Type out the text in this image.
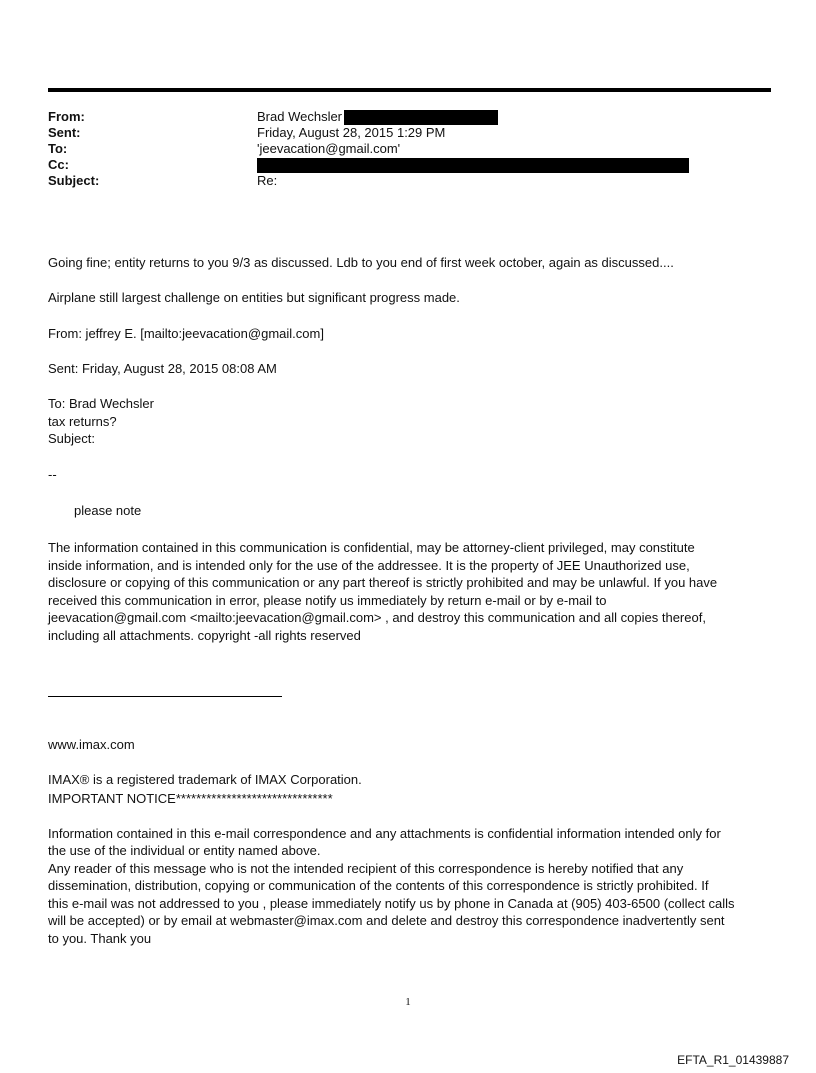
From:	Brad Wechsler
Sent:	Friday, August 28, 2015 1:29 PM
To:	'jeevacation@gmail.com'
Cc:
Subject:	Re:

Going fine; entity returns to you 9/3 as discussed. Ldb to you end of first week october, again as discussed....

Airplane still largest challenge on entities but significant progress made.

From: jeffrey E. [mailto:jeevacation@gmail.com]

Sent: Friday, August 28, 2015 08:08 AM

To: Brad Wechsler

Subject:

tax returns?
--
please note
The information contained in this communication is confidential, may be attorney-client privileged, may constitute
inside information, and is intended only for the use of the addressee. It is the property of JEE Unauthorized use,
disclosure or copying of this communication or any part thereof is strictly prohibited and may be unlawful. If you have
received this communication in error, please notify us immediately by return e-mail or by e-mail to
jeevacation@gmail.com <mailto:jeevacation@gmail.com> , and destroy this communication and all copies thereof,
including all attachments. copyright -all rights reserved

www.imax.com

IMAX® is a registered trademark of IMAX Corporation.

IMPORTANT NOTICE*******************************

Information contained in this e-mail correspondence and any attachments is confidential information intended only for
the use of the individual or entity named above.
Any reader of this message who is not the intended recipient of this correspondence is hereby notified that any
dissemination, distribution, copying or communication of the contents of this correspondence is strictly prohibited. If
this e-mail was not addressed to you , please immediately notify us by phone in Canada at (905) 403-6500 (collect calls
will be accepted) or by email at webmaster@imax.com and delete and destroy this correspondence inadvertently sent
to you. Thank you

1
EFTA_R1_01439887
